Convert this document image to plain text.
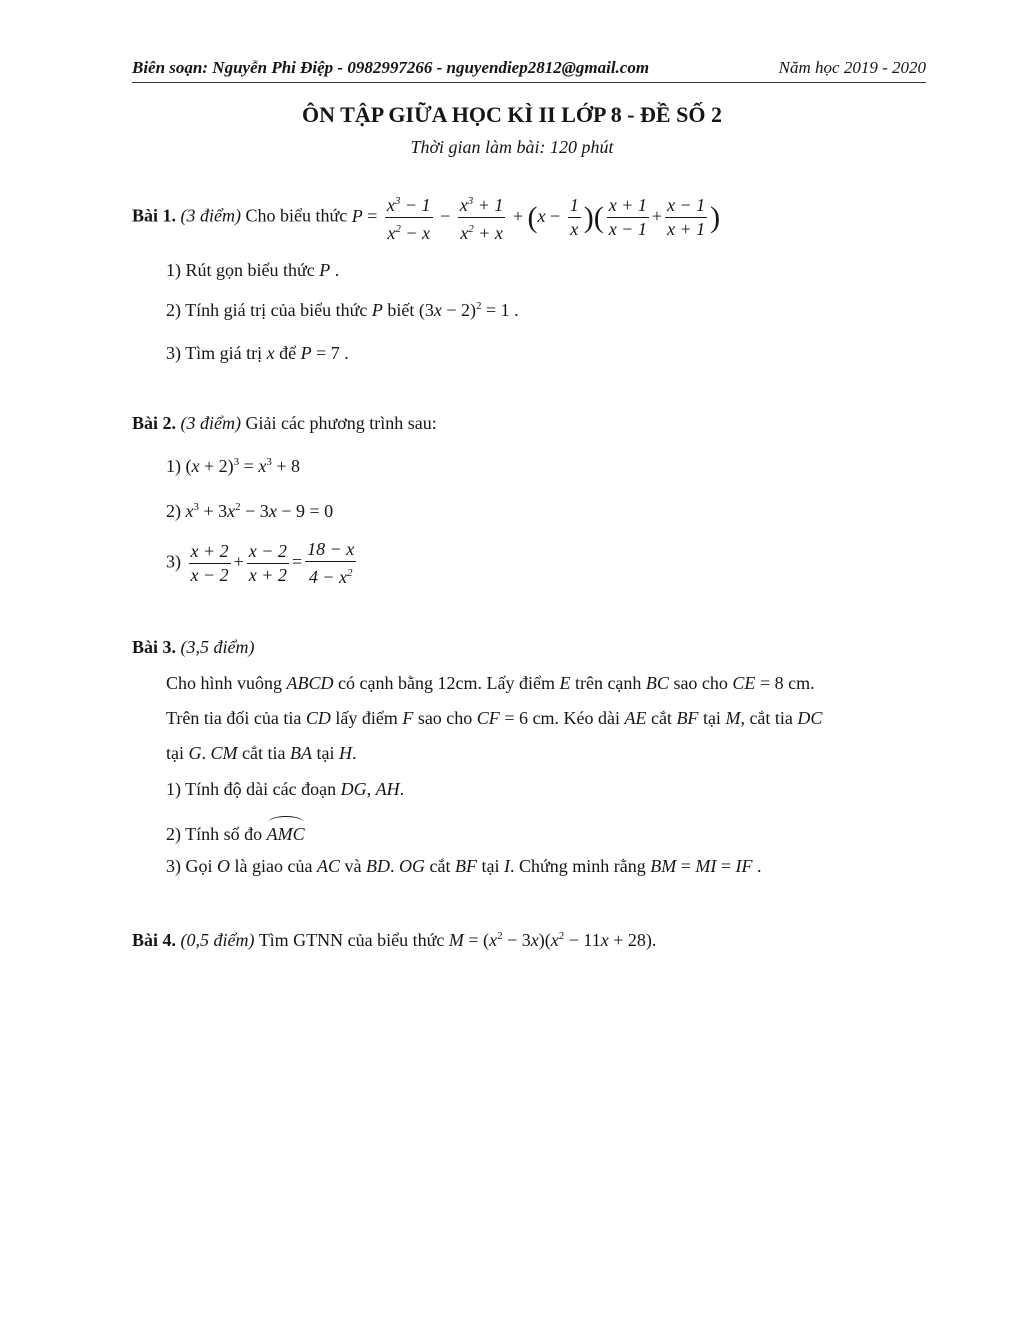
Biên soạn: Nguyễn Phi Điệp - 0982997266 - nguyendiep2812@gmail.com	Năm học 2019 - 2020
ÔN TẬP GIỮA HỌC KÌ II LỚP 8 - ĐỀ SỐ 2
Thời gian làm bài: 120 phút
Bài 1. (3 điểm) Cho biểu thức $P = \frac{x^3 - 1}{x^2 - x} - \frac{x^3 + 1}{x^2 + x} + (x - \frac{1}{x}$ )( $\frac{x + 1}{x - 1} + \frac{x - 1}{x + 1}$ )
1) Rút gọn biểu thức P .
2) Tính giá trị của biểu thức P biết $(3x - 2)^2 = 1$ .
3) Tìm giá trị x để P = 7 .
Bài 2. (3 điểm) Giải các phương trình sau:
1) $(x + 2)^3 = x^3 + 8$
2) $x^3 + 3x^2 - 3x - 9 = 0$
$3) \frac{x + 2}{x - 2} + \frac{x - 2}{x + 2} = \frac{18 - x}{4 - x^2}$
Bài 3. (3,5 điểm)
Cho hình vuông ABCD có cạnh bằng 12cm. Lấy điểm E trên cạnh BC sao cho CE = 8 cm.
Trên tia đối của tia CD lấy điểm F sao cho CF = 6 cm. Kéo dài AE cắt BF tại M, cắt tia DC
tại G. CM cắt tia BA tại H.
1) Tính độ dài các đoạn DG, AH.
2) Tính số đo AMC
3) Gọi O là giao của AC và BD. OG cắt BF tại I. Chứng minh rằng BM = MI = IF .
Bài 4. (0,5 điểm) Tìm GTNN của biểu thức $M = (x^2 - 3x)(x^2 - 11x + 28)$.
